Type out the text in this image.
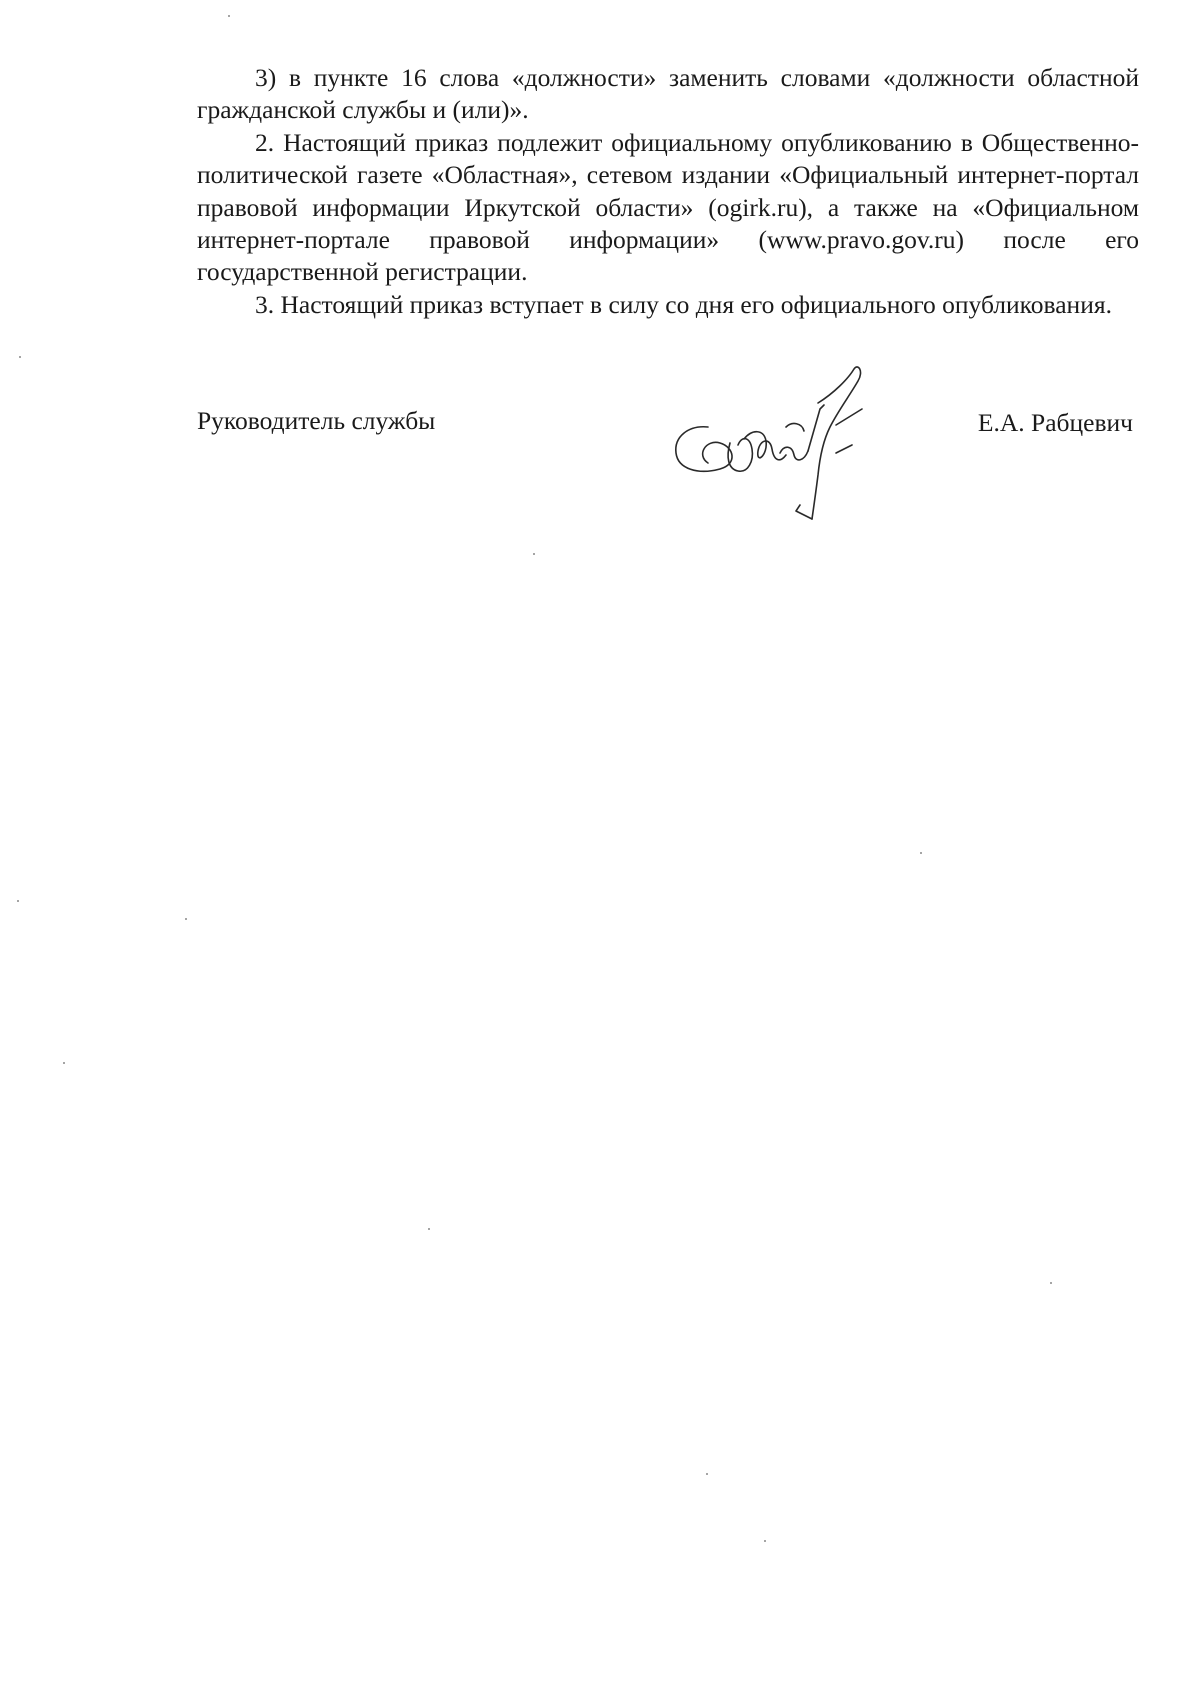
3) в пункте 16 слова «должности» заменить словами «должности областной гражданской службы и (или)».

2. Настоящий приказ подлежит официальному опубликованию в Общественно-политической газете «Областная», сетевом издании «Официальный интернет-портал правовой информации Иркутской области» (ogirk.ru), а также на «Официальном интернет-портале правовой информации» (www.pravo.gov.ru) после его государственной регистрации.

3. Настоящий приказ вступает в силу со дня его официального опубликования.

Руководитель службы	Е.А. Рабцевич
